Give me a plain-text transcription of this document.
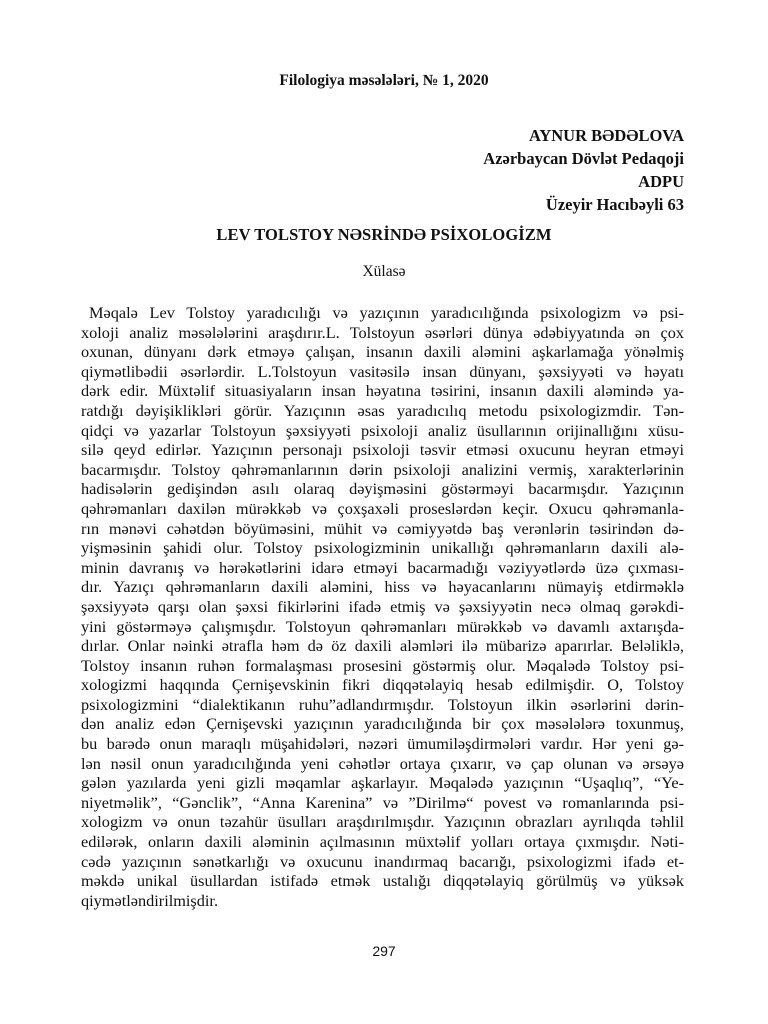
Filologiya məsələləri, № 1, 2020
AYNUR BƏDƏLOVA
Azərbaycan Dövlət Pedaqoji
ADPU
Üzeyir Hacıbəyli 63
LEV TOLSTOY NƏSRİNDƏ PSİXOLOGİZM
Xülasə
Məqalə Lev Tolstoy yaradıcılığı və yazıçının yaradıcılığında psixologizm və psi-
xoloji analiz məsələlərini araşdırır.L. Tolstoyun əsərləri dünya ədəbiyyatında ən çox
oxunan, dünyanı dərk etməyə çalışan, insanın daxili aləmini aşkarlamağa yönəlmiş
qiymətlibədii əsərlərdir. L.Tolstoyun vasitəsilə insan dünyanı, şəxsiyyəti və həyatı
dərk edir. Müxtəlif situasiyaların insan həyatına təsirini, insanın daxili aləmində ya-
ratdığı dəyişiklikləri görür. Yazıçının əsas yaradıcılıq metodu psixologizmdir. Tən-
qidçi və yazarlar Tolstoyun şəxsiyyəti psixoloji analiz üsullarının orijinallığını xüsu-
silə qeyd edirlər. Yazıçının personajı psixoloji təsvir etməsi oxucunu heyran etməyi
bacarmışdır. Tolstoy qəhrəmanlarının dərin psixoloji analizini vermiş, xarakterlərinin
hadisələrin gedişindən asılı olaraq dəyişməsini göstərməyi bacarmışdır. Yazıçının
qəhrəmanları daxilən mürəkkəb və çoxşaxəli proseslərdən keçir. Oxucu qəhrəmanla-
rın mənəvi cəhətdən böyüməsini, mühit və cəmiyyətdə baş verənlərin təsirindən də-
yişməsinin şahidi olur. Tolstoy psixologizminin unikallığı qəhrəmanların daxili alə-
minin davranış və hərəkətlərini idarə etməyi bacarmadığı vəziyyətlərdə üzə çıxması-
dır. Yazıçı qəhrəmanların daxili aləmini, hiss və həyacanlarını nümayiş etdirməklə
şəxsiyyətə qarşı olan şəxsi fikirlərini ifadə etmiş və şəxsiyyətin necə olmaq gərəkdi-
yini göstərməyə çalışmışdır. Tolstoyun qəhrəmanları mürəkkəb və davamlı axtarışda-
dırlar. Onlar nəinki ətrafla həm də öz daxili aləmləri ilə mübarizə aparırlar. Beləliklə,
Tolstoy insanın ruhən formalaşması prosesini göstərmiş olur. Məqalədə Tolstoy psi-
xologizmi haqqında Çernişevskinin fikri diqqətəlayiq hesab edilmişdir. O, Tolstoy
psixologizmini “dialektikanın ruhu”adlandırmışdır. Tolstoyun ilkin əsərlərini dərin-
dən analiz edən Çernişevski yazıçının yaradıcılığında bir çox məsələlərə toxunmuş,
bu barədə onun maraqlı müşahidələri, nəzəri ümumiləşdirmələri vardır. Hər yeni gə-
lən nəsil onun yaradıcılığında yeni cəhətlər ortaya çıxarır, və çap olunan və ərsəyə
gələn yazılarda yeni gizli məqamlar aşkarlayır. Məqalədə yazıçının “Uşaqlıq”, “Ye-
niyetməlik”, “Gənclik”, “Anna Karenina” və ”Dirilmə“ povest və romanlarında psi-
xologizm və onun təzahür üsulları araşdırılmışdır. Yazıçının obrazları ayrılıqda təhlil
edilərək, onların daxili aləminin açılmasının müxtəlif yolları ortaya çıxmışdır. Nəti-
cədə yazıçının sənətkarlığı və oxucunu inandırmaq bacarığı, psixologizmi ifadə et-
məkdə unikal üsullardan istifadə etmək ustalığı diqqətəlayiq görülmüş və yüksək
qiymətləndirilmişdir.
297
